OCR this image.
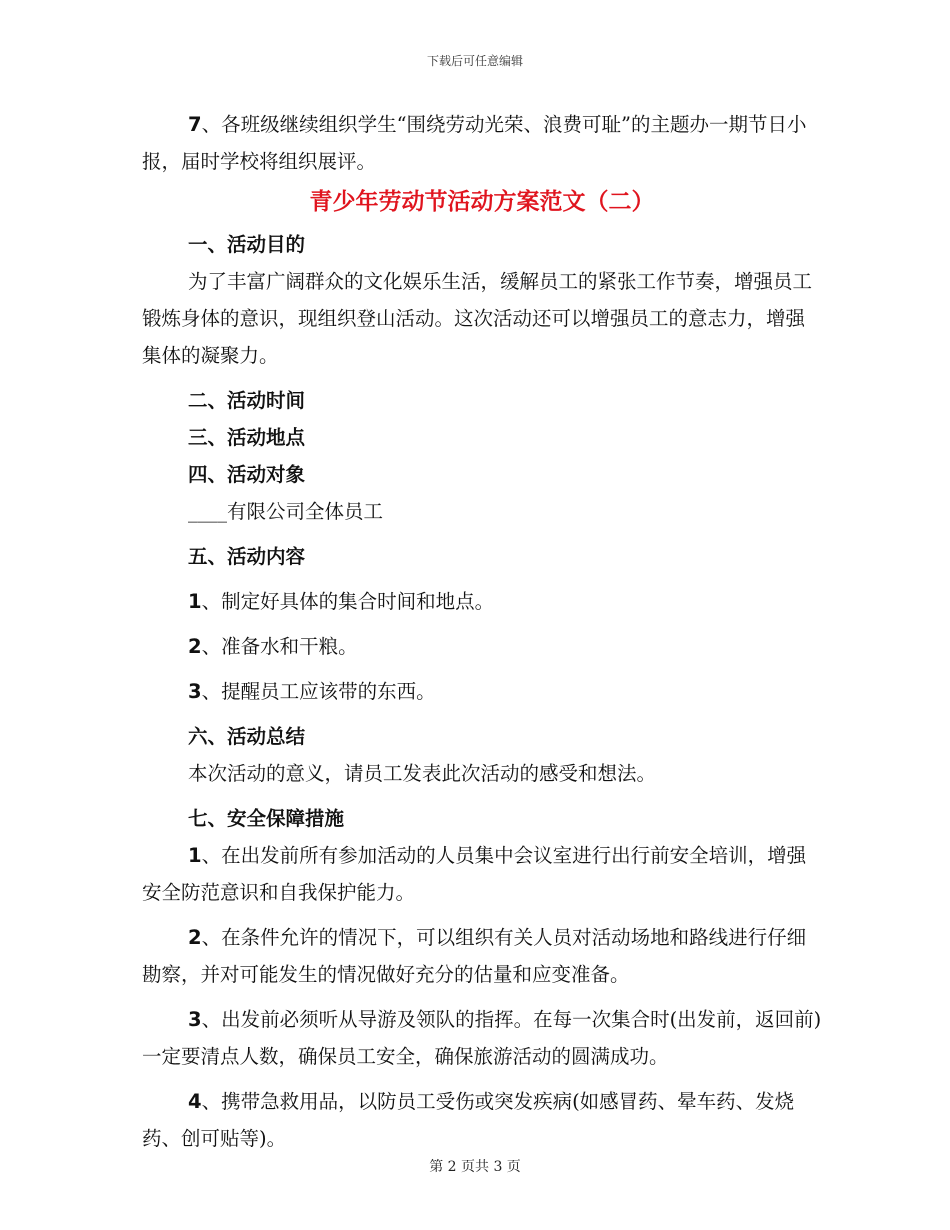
下载后可任意编辑

7、各班级继续组织学生“围绕劳动光荣、浪费可耻”的主题办一期节日小报，届时学校将组织展评。

青少年劳动节活动方案范文（二）

一、活动目的

为了丰富广阔群众的文化娱乐生活，缓解员工的紧张工作节奏，增强员工锻炼身体的意识，现组织登山活动。这次活动还可以增强员工的意志力，增强集体的凝聚力。

二、活动时间

三、活动地点

四、活动对象

____有限公司全体员工

五、活动内容

1、制定好具体的集合时间和地点。

2、准备水和干粮。

3、提醒员工应该带的东西。

六、活动总结

本次活动的意义，请员工发表此次活动的感受和想法。

七、安全保障措施

1、在出发前所有参加活动的人员集中会议室进行出行前安全培训，增强安全防范意识和自我保护能力。

2、在条件允许的情况下，可以组织有关人员对活动场地和路线进行仔细勘察，并对可能发生的情况做好充分的估量和应变准备。

3、出发前必须听从导游及领队的指挥。在每一次集合时(出发前，返回前)一定要清点人数，确保员工安全，确保旅游活动的圆满成功。

4、携带急救用品，以防员工受伤或突发疾病(如感冒药、晕车药、发烧药、创可贴等)。

第 2 页共 3 页
